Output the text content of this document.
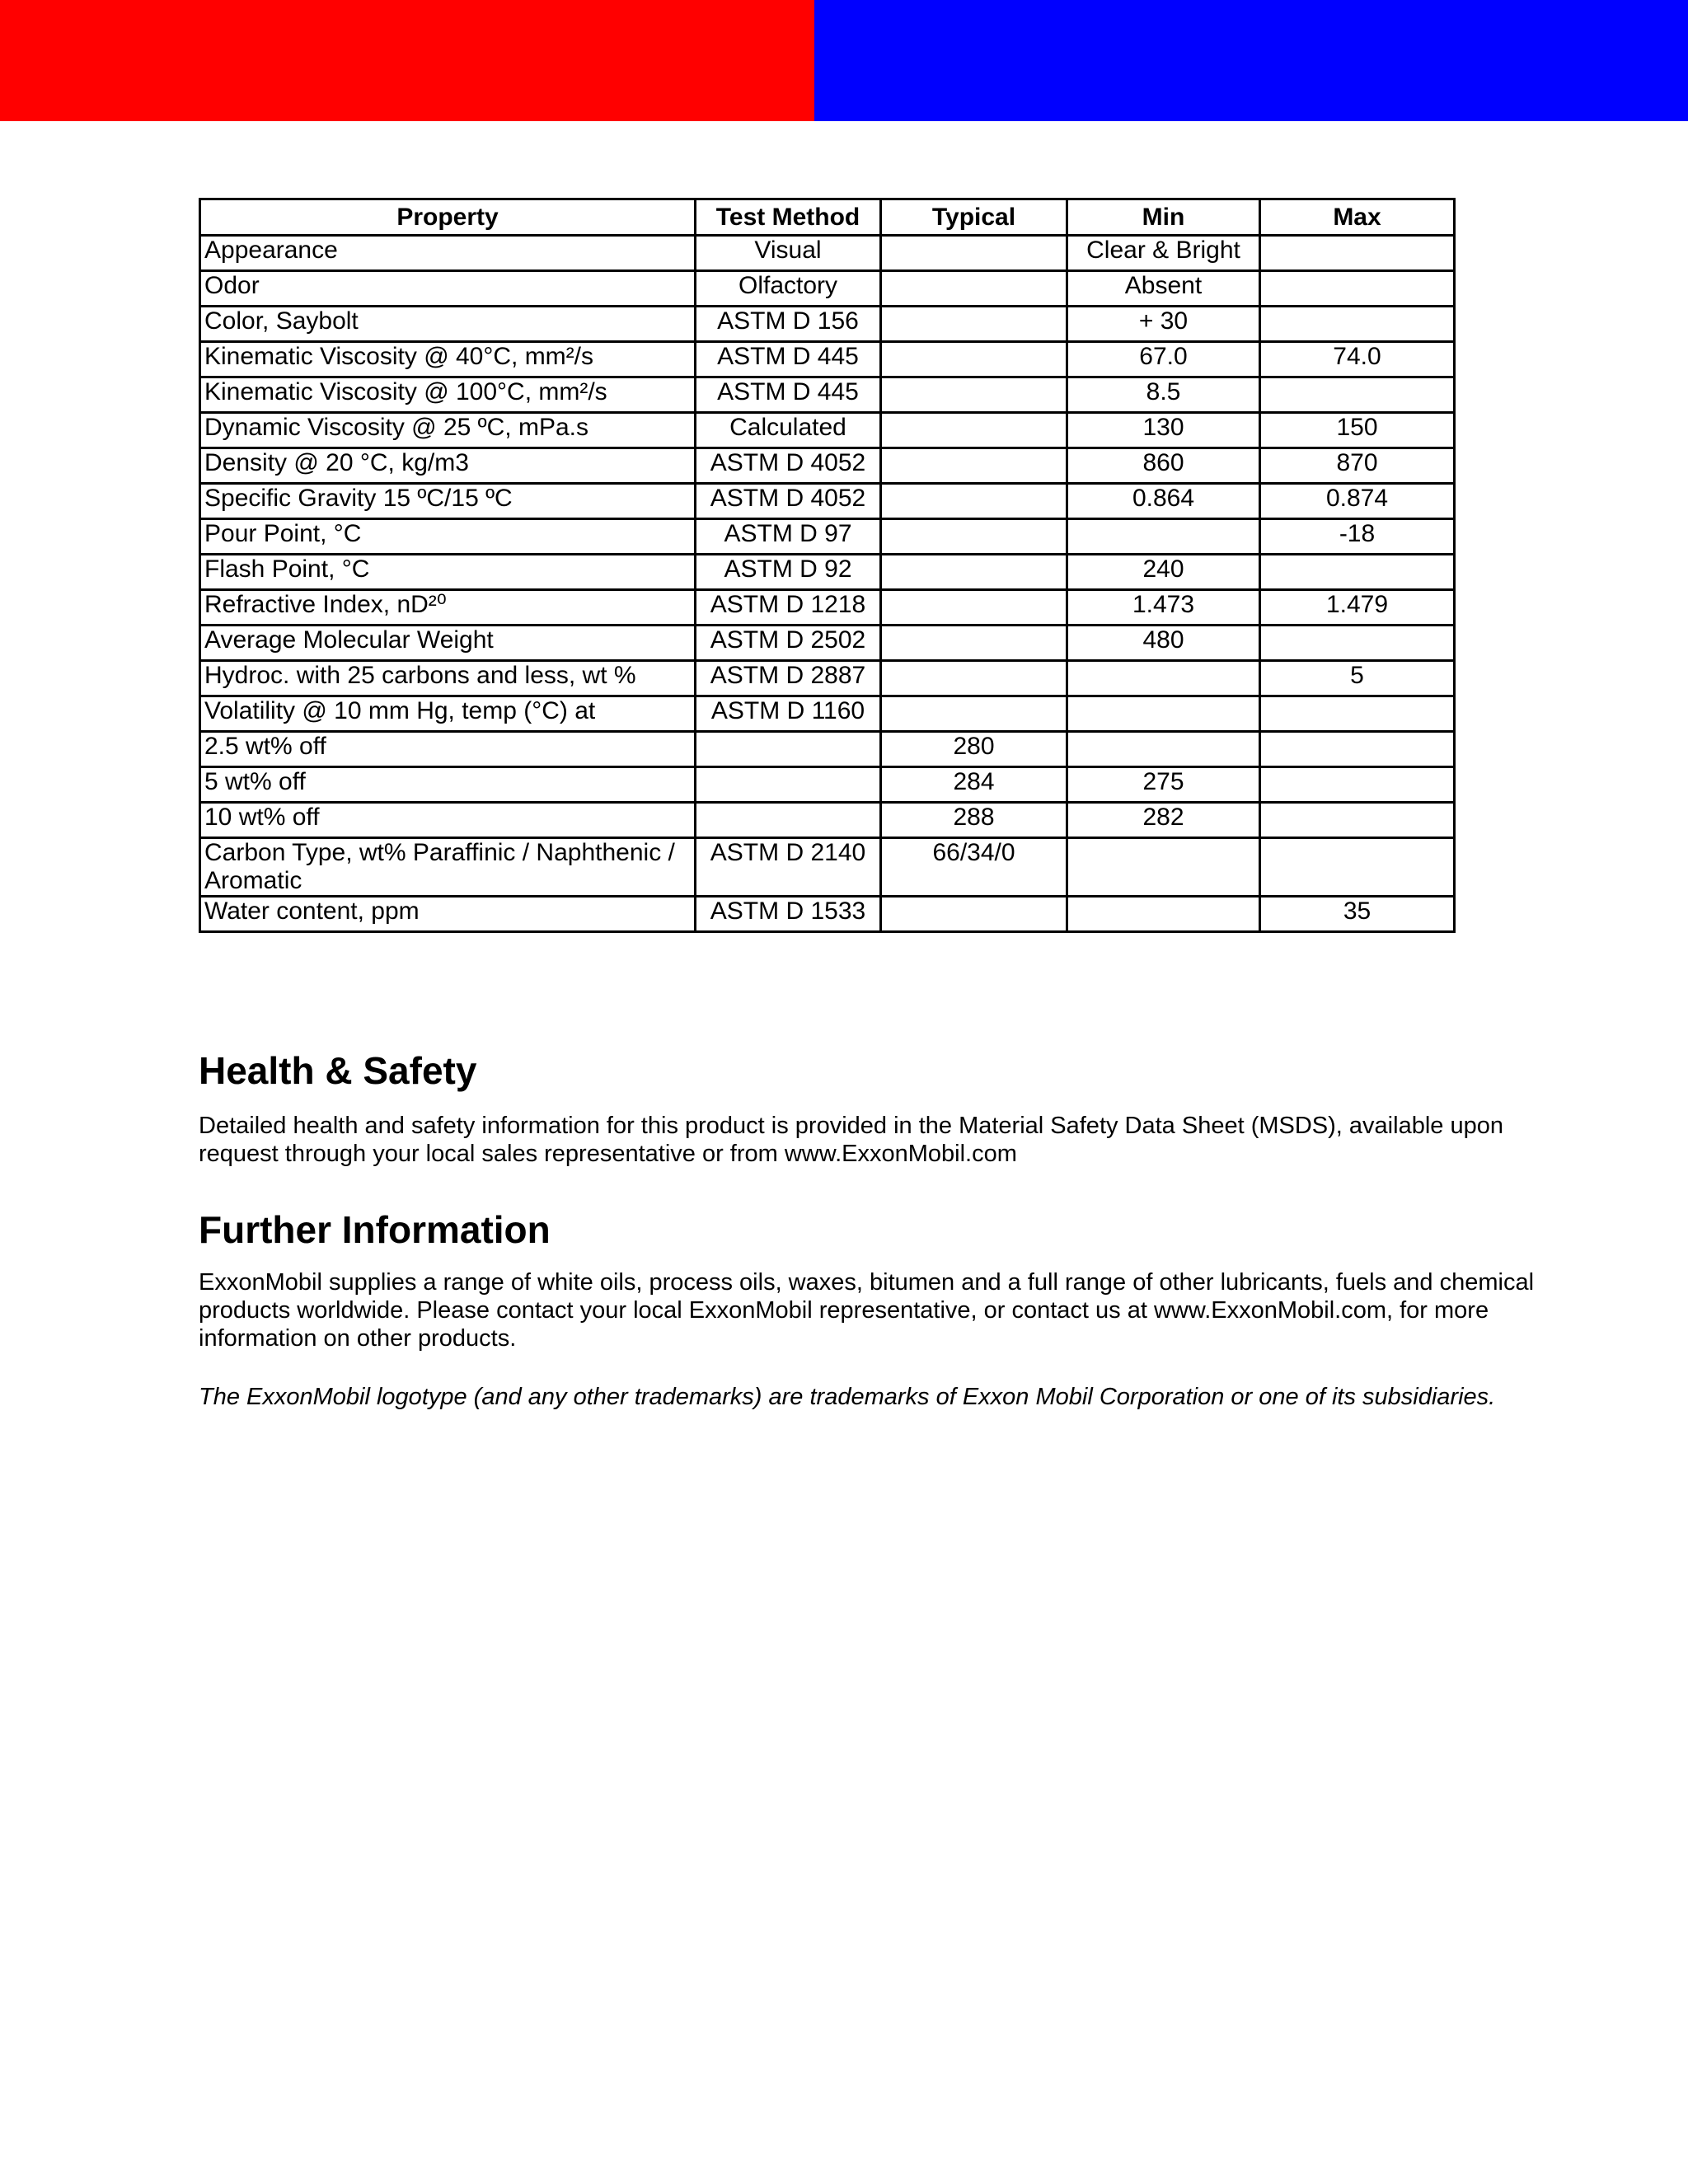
Property	Test Method	Typical	Min	Max
Appearance	Visual		Clear & Bright	
Odor	Olfactory		Absent	
Color, Saybolt	ASTM D 156		+ 30	
Kinematic Viscosity @ 40°C, mm²/s	ASTM D 445		67.0	74.0
Kinematic Viscosity @ 100°C, mm²/s	ASTM D 445		8.5	
Dynamic Viscosity @ 25 ºC, mPa.s	Calculated		130	150
Density @ 20 °C, kg/m3	ASTM D 4052		860	870
Specific Gravity 15 ºC/15 ºC	ASTM D 4052		0.864	0.874
Pour Point, °C	ASTM D 97			-18
Flash Point, °C	ASTM D 92		240	
Refractive Index, nD²⁰	ASTM D 1218		1.473	1.479
Average Molecular Weight	ASTM D 2502		480	
Hydroc. with 25 carbons and less, wt %	ASTM D 2887			5
Volatility @ 10 mm Hg, temp (°C) at	ASTM D 1160			
2.5 wt% off		280		
5 wt% off		284	275	
10 wt% off		288	282	
Carbon Type, wt% Paraffinic / Naphthenic / Aromatic	ASTM D 2140	66/34/0		
Water content, ppm	ASTM D 1533			35
Health & Safety

Detailed health and safety information for this product is provided in the Material Safety Data Sheet (MSDS), available upon request through your local sales representative or from www.ExxonMobil.com

Further Information

ExxonMobil supplies a range of white oils, process oils, waxes, bitumen and a full range of other lubricants, fuels and chemical products worldwide. Please contact your local ExxonMobil representative, or contact us at www.ExxonMobil.com, for more information on other products.

The ExxonMobil logotype (and any other trademarks) are trademarks of Exxon Mobil Corporation or one of its subsidiaries.
